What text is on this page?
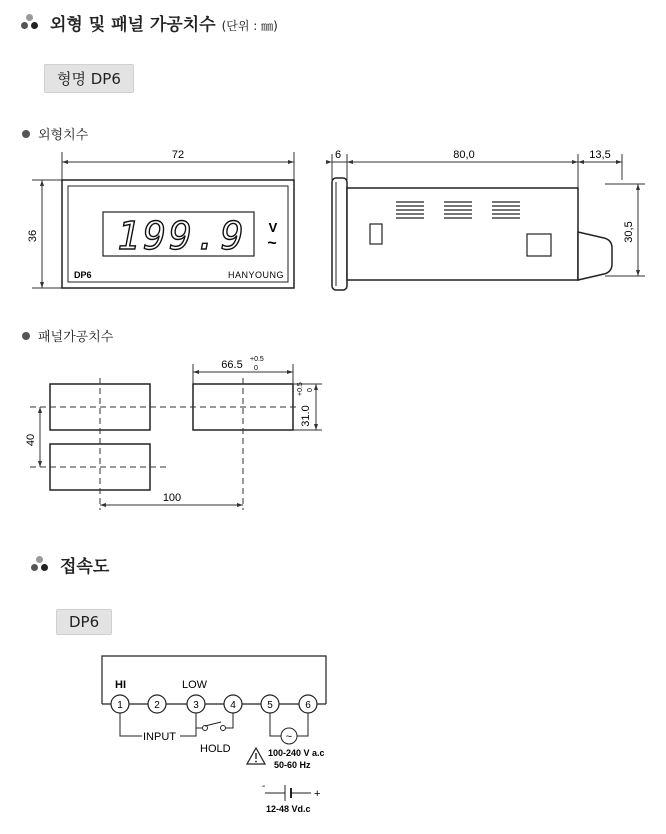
외형 및 패널 가공치수 (단위 : ㎜)
형명 DP6
외형치수
72
36 199.9 V
~
DP6	HANYOUNG
6	80,0	13,5
30,5
패널가공치수
40
100
66.5 +0.5
0
31.0
+0.5 0
접속도
DP6
HI	LOW
1	2	3	4	5	6
INPUT
HOLD
~
100-240 V a.c
50-60 Hz
-
+
12-48 Vd.c
